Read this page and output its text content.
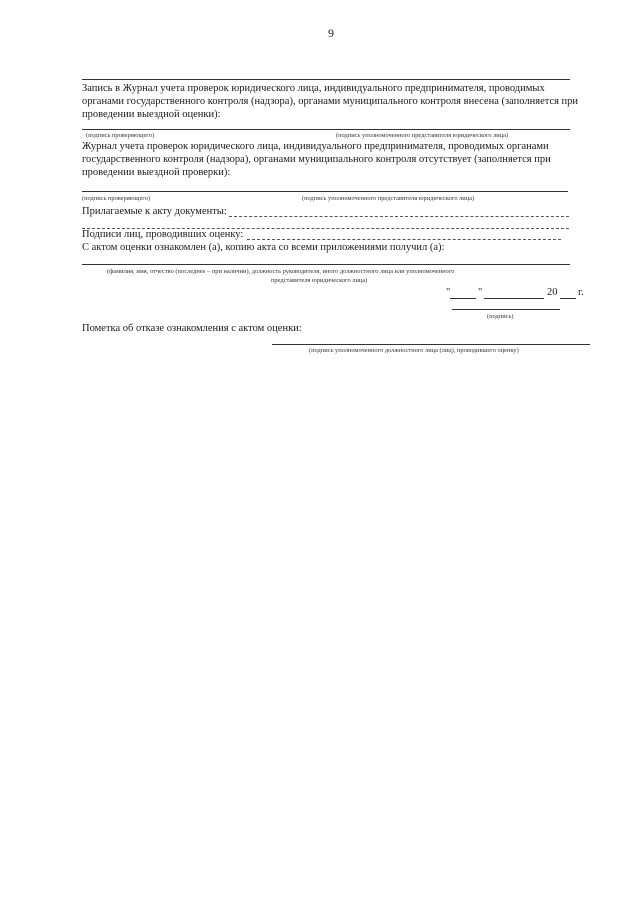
9
Запись в Журнал учета проверок юридического лица, индивидуального предпринимателя, проводимых
органами государственного контроля (надзора), органами муниципального контроля внесена (заполняется при
проведении выездной оценки):
(подпись проверяющего)	(подпись уполномоченного представителя юридического лица)
Журнал учета проверок юридического лица, индивидуального предпринимателя, проводимых органами
государственного контроля (надзора), органами муниципального контроля отсутствует (заполняется при
проведении выездной проверки):
(подпись проверяющего)	(подпись уполномоченного представителя юридического лица)
Прилагаемые к акту документы:
Подписи лиц, проводивших оценку:
С актом оценки ознакомлен (а), копию акта со всеми приложениями получил (а):
(фамилия, имя, отчество (последнее – при наличии), должность руководителя, иного должностного лица или уполномоченного
представителя юридического лица)
"	"	20 г.
(подпись)
Пометка об отказе ознакомления с актом оценки:
(подпись уполномоченного должностного лица (лиц), проводившего оценку)
